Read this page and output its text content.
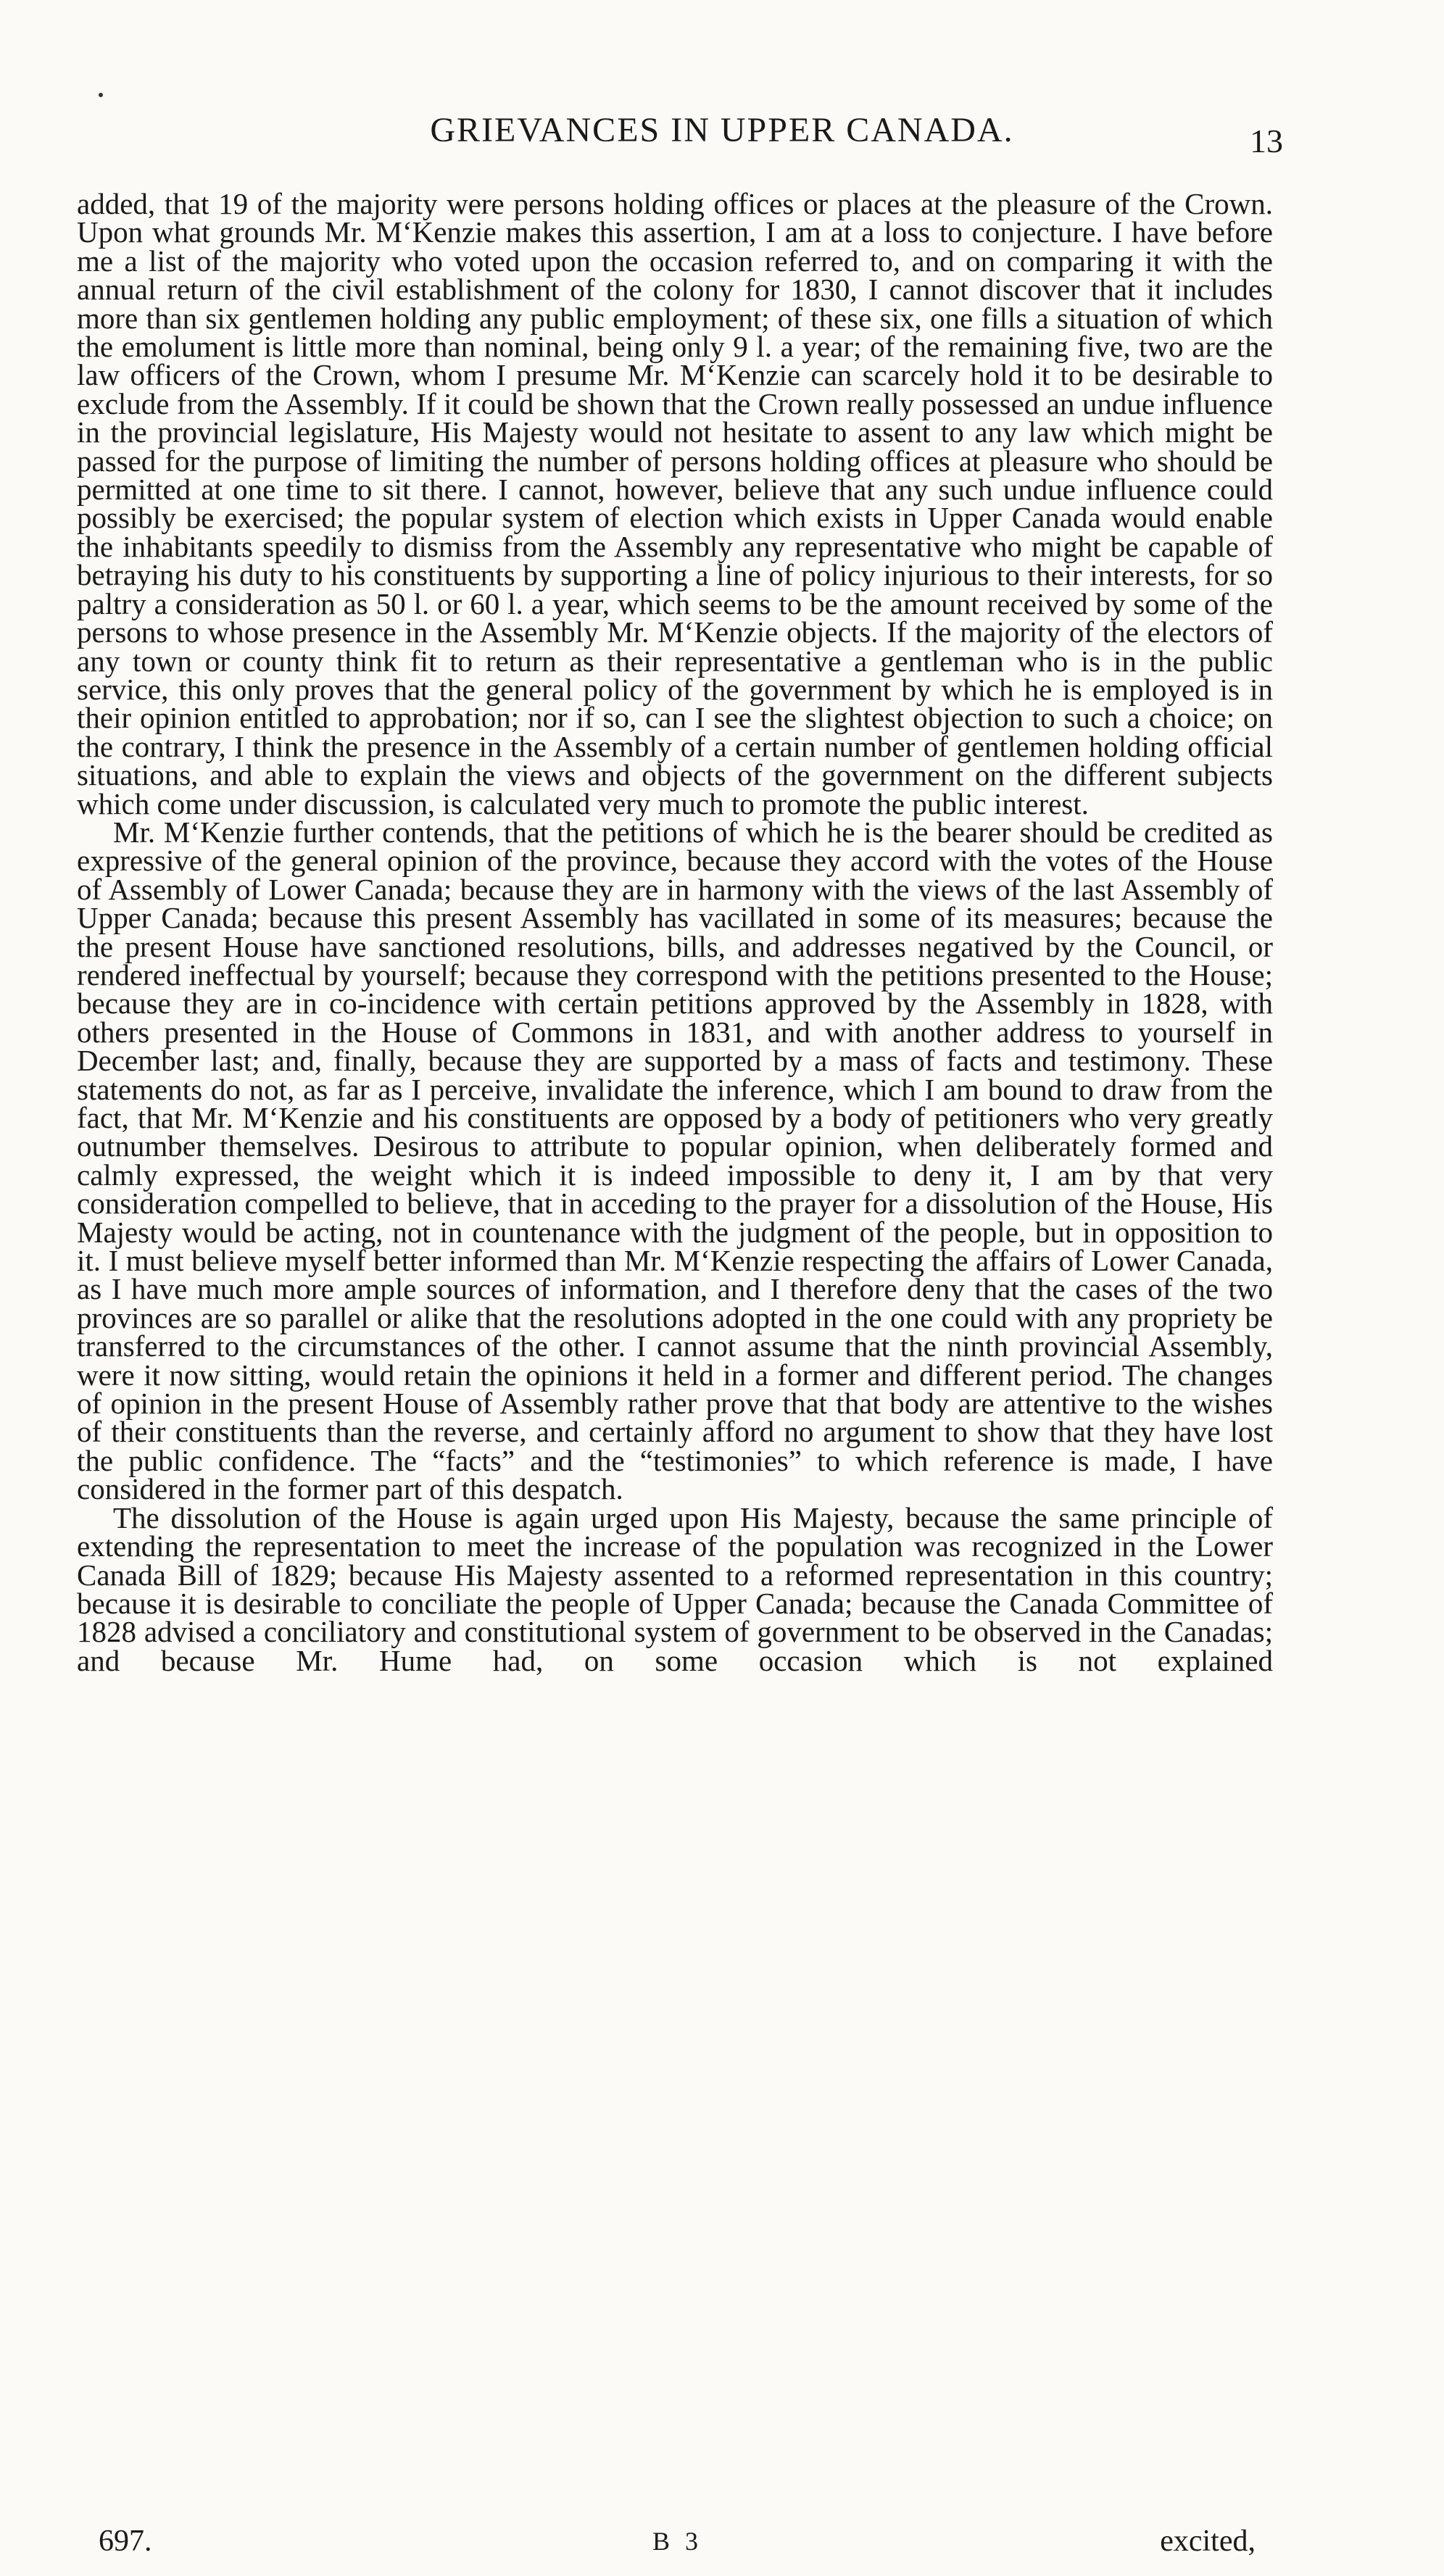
GRIEVANCES IN UPPER CANADA.	13

added, that 19 of the majority were persons holding offices or places at the pleasure of the Crown. Upon what grounds Mr. M‘Kenzie makes this assertion, I am at a loss to conjecture. I have before me a list of the majority who voted upon the occasion referred to, and on comparing it with the annual return of the civil establishment of the colony for 1830, I cannot discover that it includes more than six gentlemen holding any public employment; of these six, one fills a situation of which the emolument is little more than nominal, being only 9 l. a year; of the remaining five, two are the law officers of the Crown, whom I presume Mr. M‘Kenzie can scarcely hold it to be desirable to exclude from the Assembly. If it could be shown that the Crown really possessed an undue influence in the provincial legislature, His Majesty would not hesitate to assent to any law which might be passed for the purpose of limiting the number of persons holding offices at pleasure who should be permitted at one time to sit there. I cannot, however, believe that any such undue influence could possibly be exercised; the popular system of election which exists in Upper Canada would enable the inhabitants speedily to dismiss from the Assembly any representative who might be capable of betraying his duty to his constituents by supporting a line of policy injurious to their interests, for so paltry a consideration as 50 l. or 60 l. a year, which seems to be the amount received by some of the persons to whose presence in the Assembly Mr. M‘Kenzie objects. If the majority of the electors of any town or county think fit to return as their representative a gentleman who is in the public service, this only proves that the general policy of the government by which he is employed is in their opinion entitled to approbation; nor if so, can I see the slightest objection to such a choice; on the contrary, I think the presence in the Assembly of a certain number of gentlemen holding official situations, and able to explain the views and objects of the government on the different subjects which come under discussion, is calculated very much to promote the public interest.

Mr. M‘Kenzie further contends, that the petitions of which he is the bearer should be credited as expressive of the general opinion of the province, because they accord with the votes of the House of Assembly of Lower Canada; because they are in harmony with the views of the last Assembly of Upper Canada; because this present Assembly has vacillated in some of its measures; because the the present House have sanctioned resolutions, bills, and addresses negatived by the Council, or rendered ineffectual by yourself; because they correspond with the petitions presented to the House; because they are in co-incidence with certain petitions approved by the Assembly in 1828, with others presented in the House of Commons in 1831, and with another address to yourself in December last; and, finally, because they are supported by a mass of facts and testimony. These statements do not, as far as I perceive, invalidate the inference, which I am bound to draw from the fact, that Mr. M‘Kenzie and his constituents are opposed by a body of petitioners who very greatly outnumber themselves. Desirous to attribute to popular opinion, when deliberately formed and calmly expressed, the weight which it is indeed impossible to deny it, I am by that very consideration compelled to believe, that in acceding to the prayer for a dissolution of the House, His Majesty would be acting, not in countenance with the judgment of the people, but in opposition to it. I must believe myself better informed than Mr. M‘Kenzie respecting the affairs of Lower Canada, as I have much more ample sources of information, and I therefore deny that the cases of the two provinces are so parallel or alike that the resolutions adopted in the one could with any propriety be transferred to the circumstances of the other. I cannot assume that the ninth provincial Assembly, were it now sitting, would retain the opinions it held in a former and different period. The changes of opinion in the present House of Assembly rather prove that that body are attentive to the wishes of their constituents than the reverse, and certainly afford no argument to show that they have lost the public confidence. The “facts” and the “testimonies” to which reference is made, I have considered in the former part of this despatch.

The dissolution of the House is again urged upon His Majesty, because the same principle of extending the representation to meet the increase of the population was recognized in the Lower Canada Bill of 1829; because His Majesty assented to a reformed representation in this country; because it is desirable to conciliate the people of Upper Canada; because the Canada Committee of 1828 advised a conciliatory and constitutional system of government to be observed in the Canadas; and because Mr. Hume had, on some occasion which is not explained

697.	B 3	excited,
